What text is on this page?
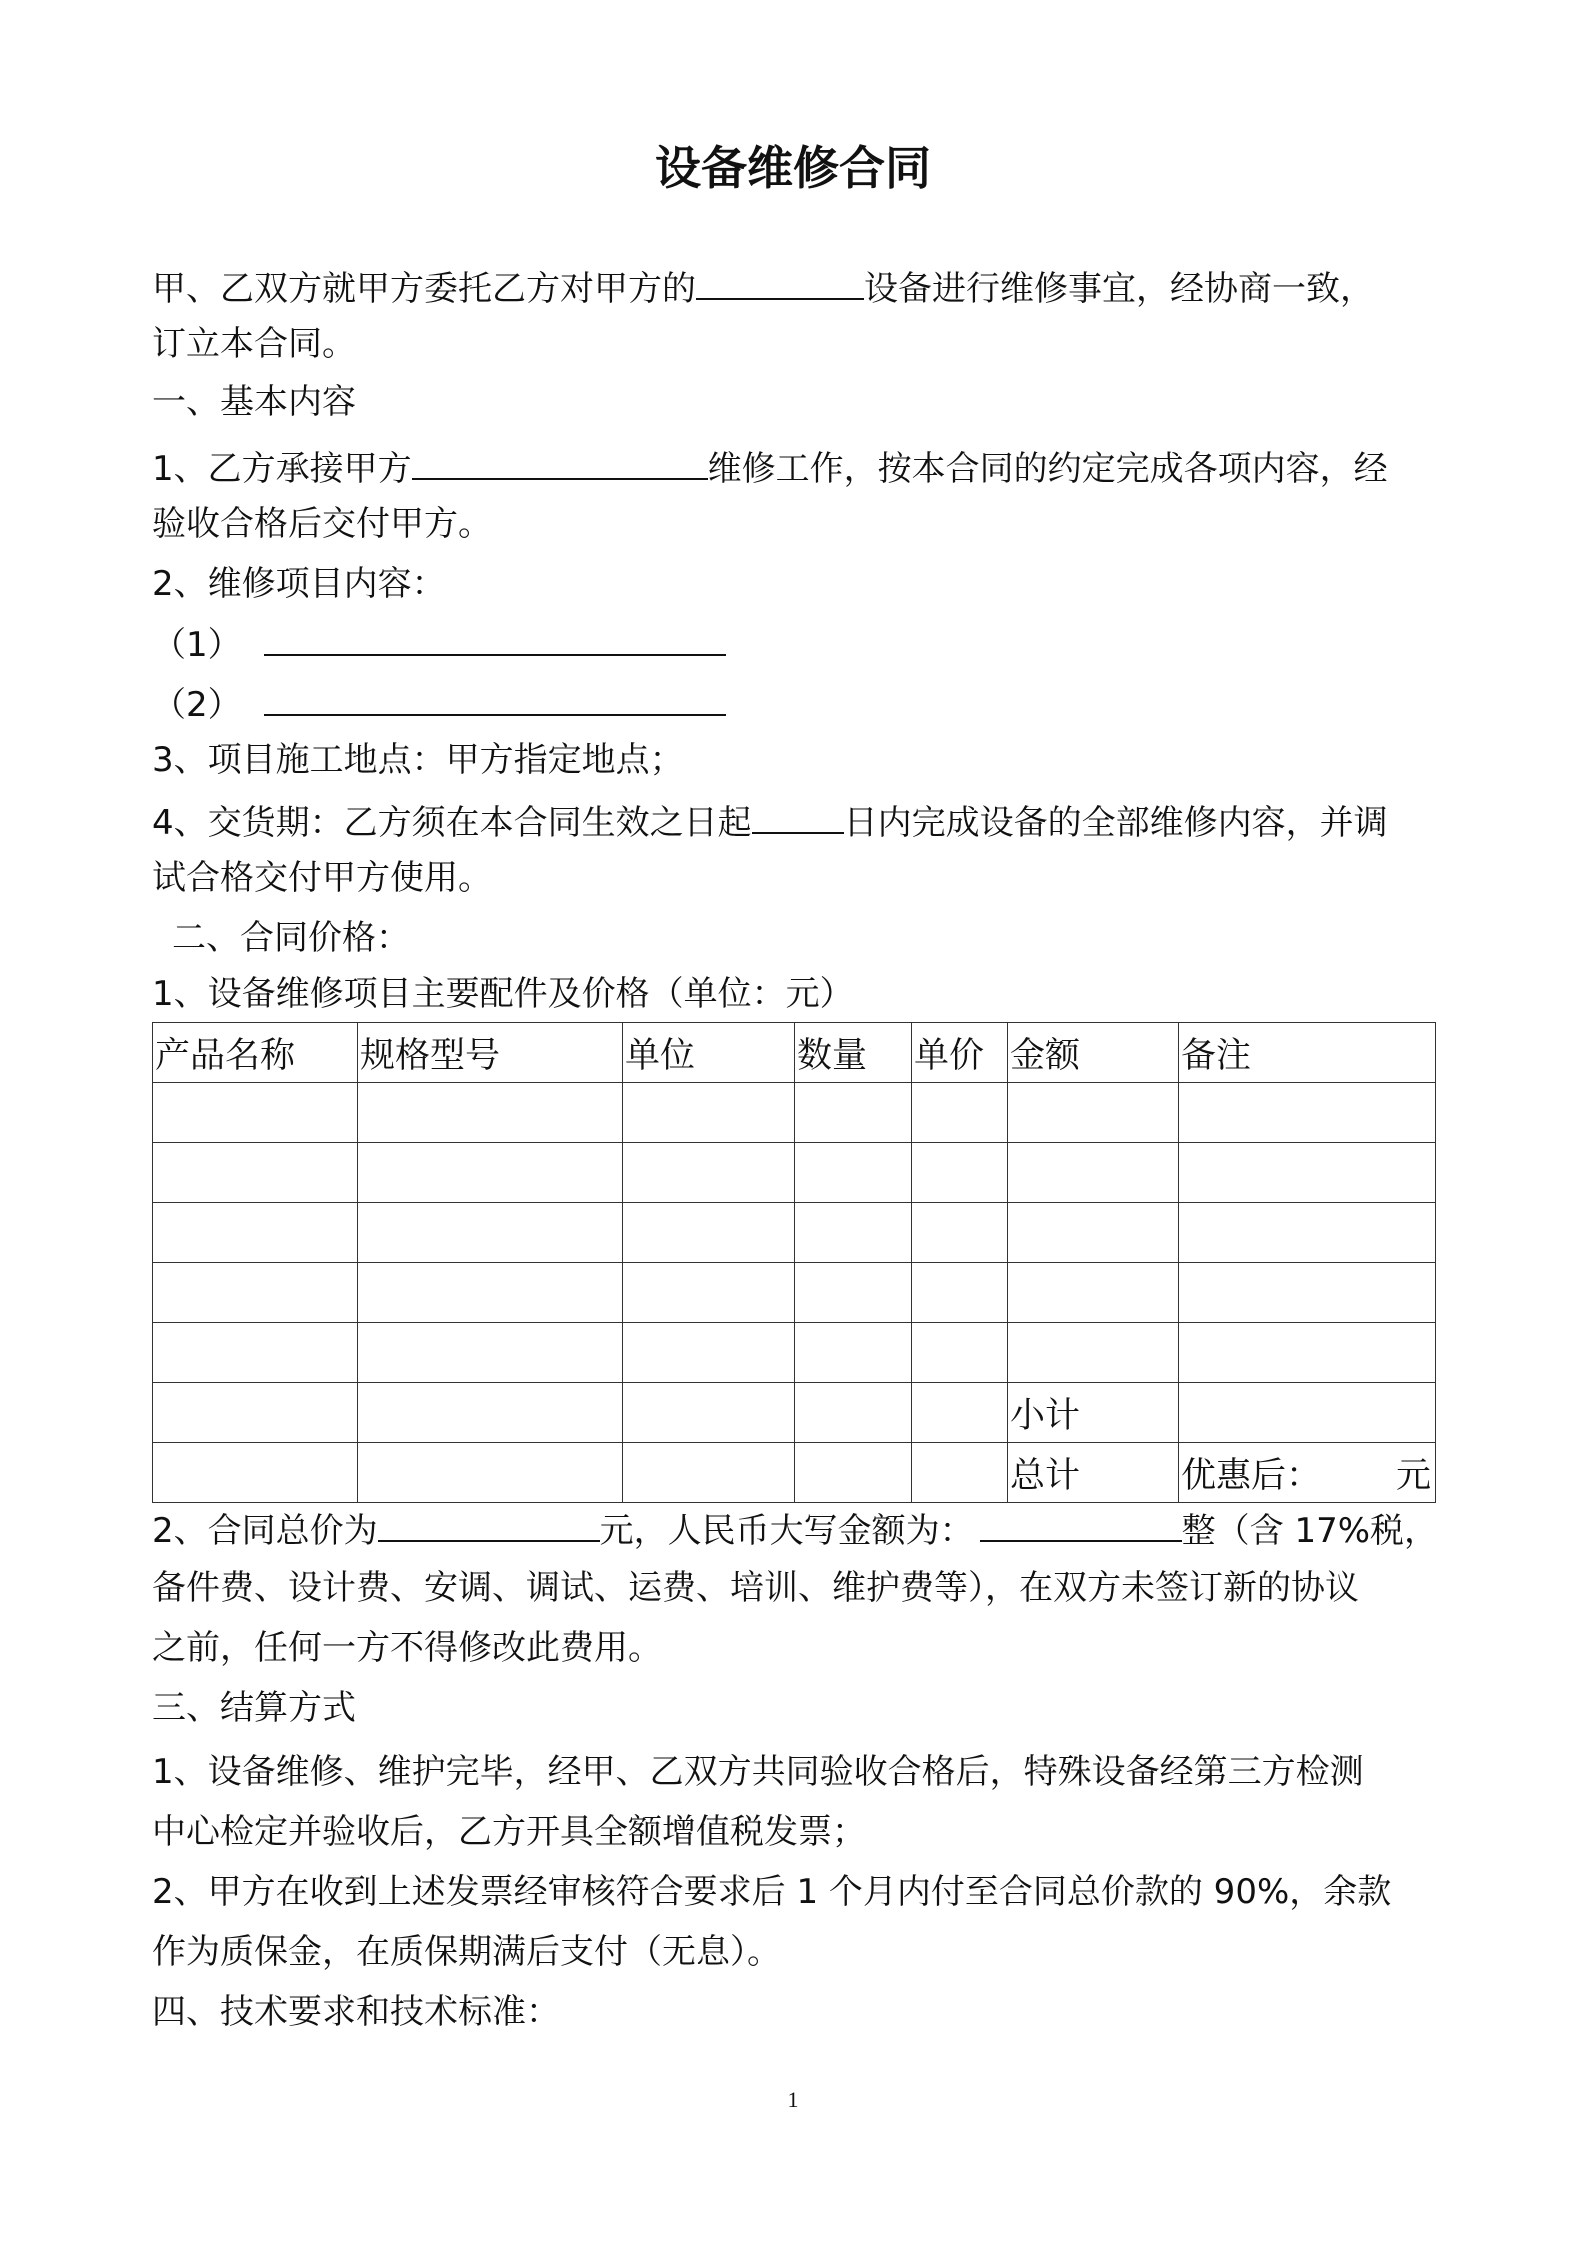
设备维修合同
甲、乙双方就甲方委托乙方对甲方的	设备进行维修事宜，经协商一致，
订立本合同。
一、基本内容
1、乙方承接甲方	维修工作，按本合同的约定完成各项内容，经
验收合格后交付甲方。
2、维修项目内容：
（1）
（2）
3、项目施工地点：甲方指定地点；
4、交货期：乙方须在本合同生效之日起	日内完成设备的全部维修内容，并调
试合格交付甲方使用。
二、合同价格：
1、设备维修项目主要配件及价格（单位：元）
产品名称	规格型号	单位	数量	单价	金额	备注

					小计	
					总计	优惠后： 元
2、合同总价为	元，人民币大写金额为：	整（含 17%税，
备件费、设计费、安调、调试、运费、培训、维护费等），在双方未签订新的协议
之前，任何一方不得修改此费用。
三、结算方式
1、设备维修、维护完毕，经甲、乙双方共同验收合格后，特殊设备经第三方检测
中心检定并验收后，乙方开具全额增值税发票；
2、甲方在收到上述发票经审核符合要求后 1 个月内付至合同总价款的 90%，余款
作为质保金，在质保期满后支付（无息）。
四、技术要求和技术标准：
1
